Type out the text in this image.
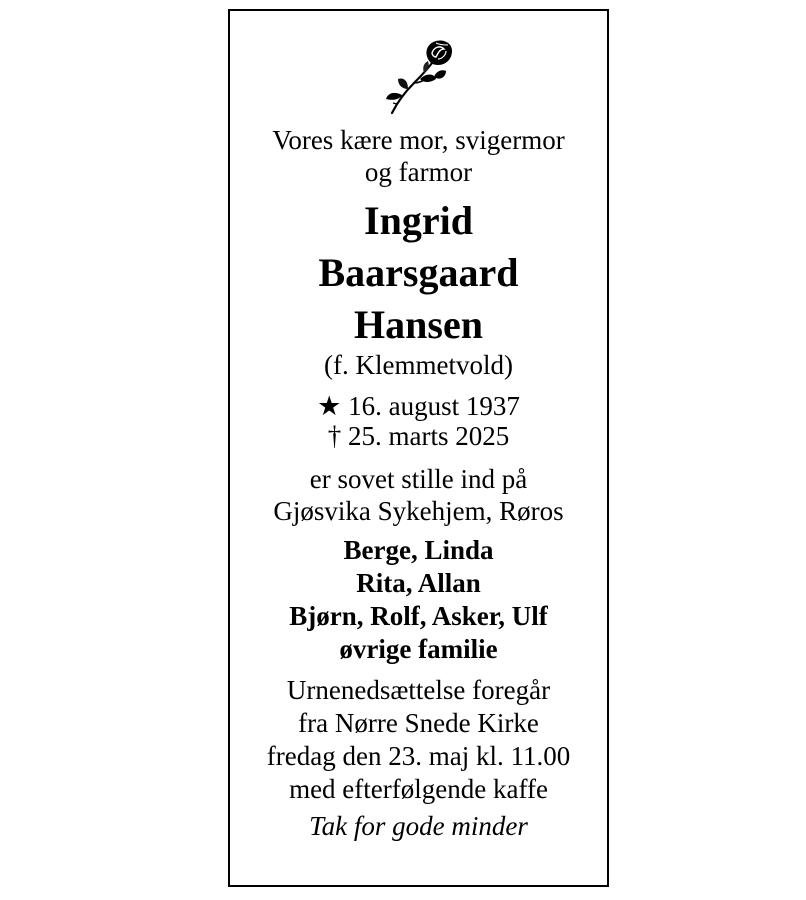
Vores kære mor, svigermor
og farmor
Ingrid
Baarsgaard
Hansen
(f. Klemmetvold)
★ 16. august 1937
† 25. marts 2025
er sovet stille ind på
Gjøsvika Sykehjem, Røros
Berge, Linda
Rita, Allan
Bjørn, Rolf, Asker, Ulf
øvrige familie
Urnenedsættelse foregår
fra Nørre Snede Kirke
fredag den 23. maj kl. 11.00
med efterfølgende kaffe
Tak for gode minder
